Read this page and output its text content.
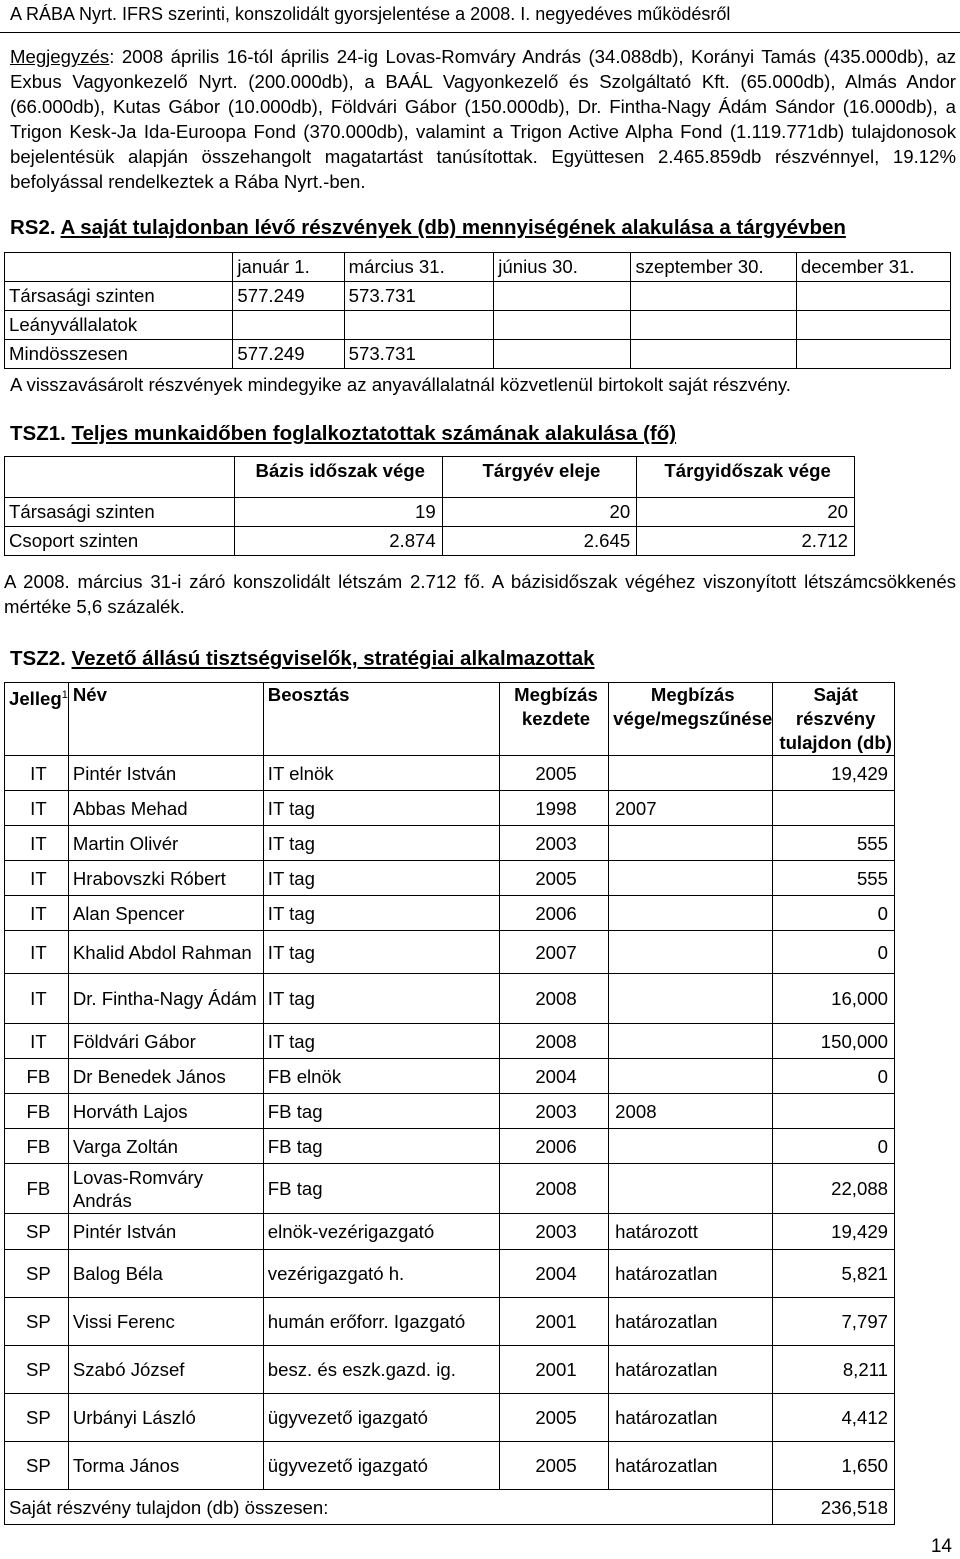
A RÁBA Nyrt. IFRS szerinti, konszolidált gyorsjelentése a 2008. I. negyedéves működésről
Megjegyzés: 2008 április 16-tól április 24-ig Lovas-Romváry András (34.088db), Korányi Tamás (435.000db), az Exbus Vagyonkezelő Nyrt. (200.000db), a BAÁL Vagyonkezelő és Szolgáltató Kft. (65.000db), Almás Andor (66.000db), Kutas Gábor (10.000db), Földvári Gábor (150.000db), Dr. Fintha-Nagy Ádám Sándor (16.000db), a Trigon Kesk-Ja Ida-Euroopa Fond (370.000db), valamint a Trigon Active Alpha Fond (1.119.771db) tulajdonosok bejelentésük alapján összehangolt magatartást tanúsítottak. Együttesen 2.465.859db részvénnyel, 19.12% befolyással rendelkeztek a Rába Nyrt.-ben.
RS2. A saját tulajdonban lévő részvények (db) mennyiségének alakulása a tárgyévben
	január 1.	március 31.	június 30.	szeptember 30.	december 31.
Társasági szinten	577.249	573.731			
Leányvállalatok					
Mindösszesen	577.249	573.731			
A visszavásárolt részvények mindegyike az anyavállalatnál közvetlenül birtokolt saját részvény.
TSZ1. Teljes munkaidőben foglalkoztatottak számának alakulása (fő)
	Bázis időszak vége	Tárgyév eleje	Tárgyidőszak vége
Társasági szinten	19	20	20
Csoport szinten	2.874	2.645	2.712
A 2008. március 31-i záró konszolidált létszám 2.712 fő. A bázisidőszak végéhez viszonyított létszámcsökkenés mértéke 5,6 százalék.
TSZ2. Vezető állású tisztségviselők, stratégiai alkalmazottak
Jelleg$^1$	Név	Beosztás	Megbízás kezdete	Megbízás vége/megszűnése	Saját részvény tulajdon (db)
IT	Pintér István	IT elnök	2005		19,429
IT	Abbas Mehad	IT tag	1998	2007	
IT	Martin Olivér	IT tag	2003		555
IT	Hrabovszki Róbert	IT tag	2005		555
IT	Alan Spencer	IT tag	2006		0
IT	Khalid Abdol Rahman	IT tag	2007		0
IT	Dr. Fintha-Nagy Ádám	IT tag	2008		16,000
IT	Földvári Gábor	IT tag	2008		150,000
FB	Dr Benedek János	FB elnök	2004		0
FB	Horváth Lajos	FB tag	2003	2008	
FB	Varga Zoltán	FB tag	2006		0
FB	Lovas-Romváry András	FB tag	2008		22,088
SP	Pintér István	elnök-vezérigazgató	2003	határozott	19,429
SP	Balog Béla	vezérigazgató h.	2004	határozatlan	5,821
SP	Vissi Ferenc	humán erőforr. Igazgató	2001	határozatlan	7,797
SP	Szabó József	besz. és eszk.gazd. ig.	2001	határozatlan	8,211
SP	Urbányi László	ügyvezető igazgató	2005	határozatlan	4,412
SP	Torma János	ügyvezető igazgató	2005	határozatlan	1,650
Saját részvény tulajdon (db) összesen:					236,518
14
